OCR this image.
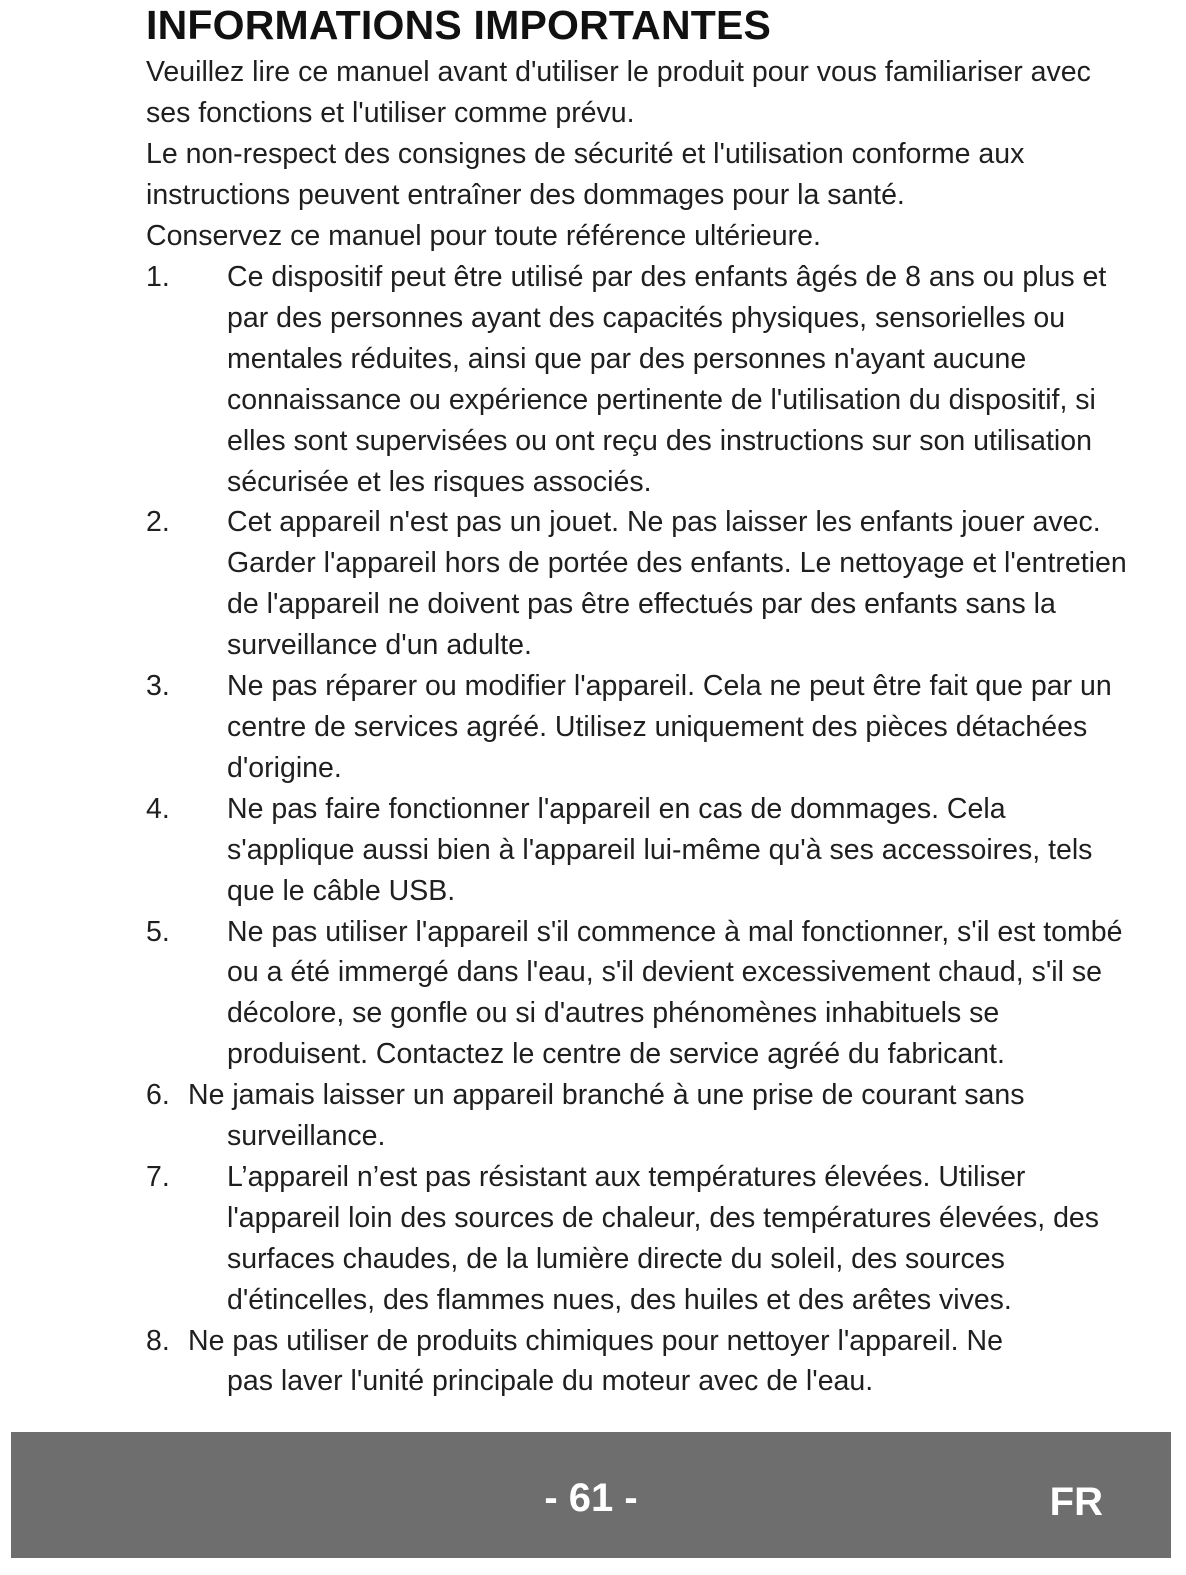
INFORMATIONS IMPORTANTES

Veuillez lire ce manuel avant d'utiliser le produit pour vous familiariser avec ses fonctions et l'utiliser comme prévu.

Le non-respect des consignes de sécurité et l'utilisation conforme aux instructions peuvent entraîner des dommages pour la santé.

Conservez ce manuel pour toute référence ultérieure.

1. Ce dispositif peut être utilisé par des enfants âgés de 8 ans ou plus et par des personnes ayant des capacités physiques, sensorielles ou mentales réduites, ainsi que par des personnes n'ayant aucune connaissance ou expérience pertinente de l'utilisation du dispositif, si elles sont supervisées ou ont reçu des instructions sur son utilisation sécurisée et les risques associés.
2. Cet appareil n'est pas un jouet. Ne pas laisser les enfants jouer avec. Garder l'appareil hors de portée des enfants. Le nettoyage et l'entretien de l'appareil ne doivent pas être effectués par des enfants sans la surveillance d'un adulte.
3. Ne pas réparer ou modifier l'appareil. Cela ne peut être fait que par un centre de services agréé. Utilisez uniquement des pièces détachées d'origine.
4. Ne pas faire fonctionner l'appareil en cas de dommages. Cela s'applique aussi bien à l'appareil lui-même qu'à ses accessoires, tels que le câble USB.
5. Ne pas utiliser l'appareil s'il commence à mal fonctionner, s'il est tombé ou a été immergé dans l'eau, s'il devient excessivement chaud, s'il se décolore, se gonfle ou si d'autres phénomènes inhabituels se produisent. Contactez le centre de service agréé du fabricant.
6. Ne jamais laisser un appareil branché à une prise de courant sans
surveillance.
7. L’appareil n’est pas résistant aux températures élevées. Utiliser l'appareil loin des sources de chaleur, des températures élevées, des surfaces chaudes, de la lumière directe du soleil, des sources d'étincelles, des flammes nues, des huiles et des arêtes vives.
8. Ne pas utiliser de produits chimiques pour nettoyer l'appareil. Ne
pas laver l'unité principale du moteur avec de l'eau.
- 61 -	FR
